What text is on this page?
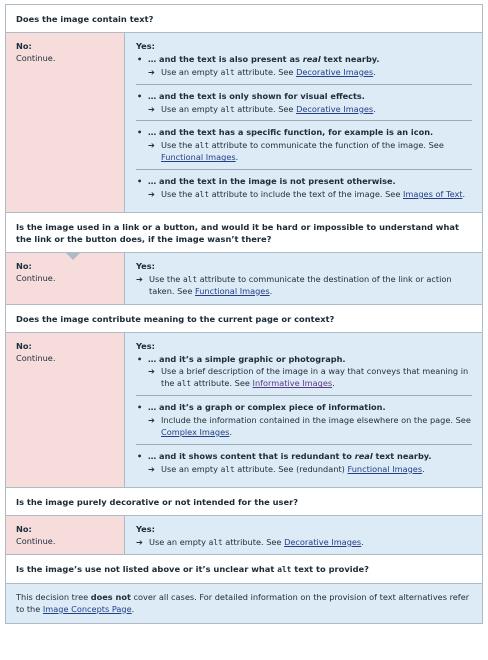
Does the image contain text?
No:
Continue.
Yes:
• … and the text is also present as real text nearby.
➔ Use an empty alt attribute. See Decorative Images.
• … and the text is only shown for visual effects.
➔ Use an empty alt attribute. See Decorative Images.
• … and the text has a specific function, for example is an icon.
➔ Use the alt attribute to communicate the function of the image. See Functional Images.
• … and the text in the image is not present otherwise.
➔ Use the alt attribute to include the text of the image. See Images of Text.
Is the image used in a link or a button, and would it be hard or impossible to understand what the link or the button does, if the image wasn’t there?
No:
Continue.
Yes:
➔ Use the alt attribute to communicate the destination of the link or action taken. See Functional Images.
Does the image contribute meaning to the current page or context?
No:
Continue.
Yes:
• … and it’s a simple graphic or photograph.
➔ Use a brief description of the image in a way that conveys that meaning in the alt attribute. See Informative Images.
• … and it’s a graph or complex piece of information.
➔ Include the information contained in the image elsewhere on the page. See Complex Images.
• … and it shows content that is redundant to real text nearby.
➔ Use an empty alt attribute. See (redundant) Functional Images.
Is the image purely decorative or not intended for the user?
No:
Continue.
Yes:
➔ Use an empty alt attribute. See Decorative Images.
Is the image’s use not listed above or it’s unclear what alt text to provide?
This decision tree does not cover all cases. For detailed information on the provision of text alternatives refer to the Image Concepts Page.
